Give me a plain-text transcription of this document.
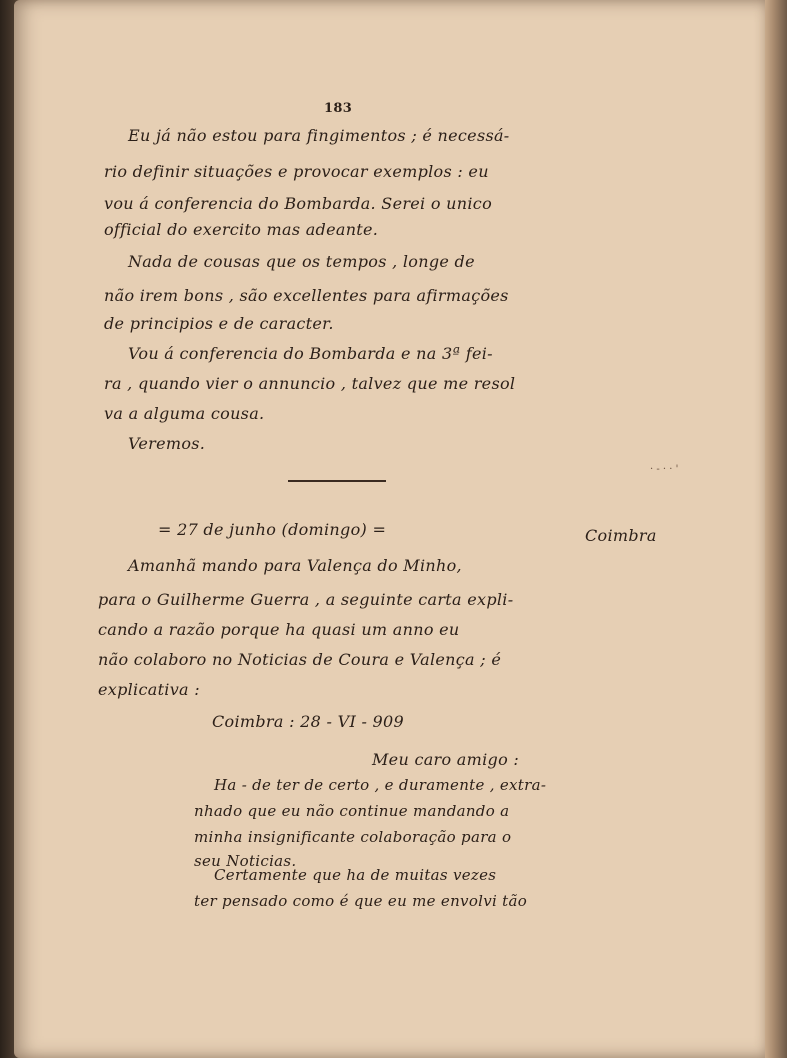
183
Eu já não estou para fingimentos ; é necessá-
rio definir situações e provocar exemplos : eu
vou á conferencia do Bombarda. Serei o unico
official do exercito mas adeante.
Nada de cousas que os tempos , longe de
não irem bons , são excellentes para afirmações
de principios e de caracter.
Vou á conferencia do Bombarda e na 3ª fei-
ra , quando vier o annuncio , talvez que me resol
va a alguma cousa.
Veremos.
· - · · '
= 27 de junho (domingo) =	Coimbra
Amanhã mando para Valença do Minho,
para o Guilherme Guerra , a seguinte carta expli-
cando a razão porque ha quasi um anno eu
não colaboro no Noticias de Coura e Valença ; é
explicativa :
Coimbra : 28 - VI - 909
Meu caro amigo :
Ha - de ter de certo , e duramente , extra-
nhado que eu não continue mandando a
minha insignificante colaboração para o
seu Noticias.
Certamente que ha de muitas vezes
ter pensado como é que eu me envolvi tão
